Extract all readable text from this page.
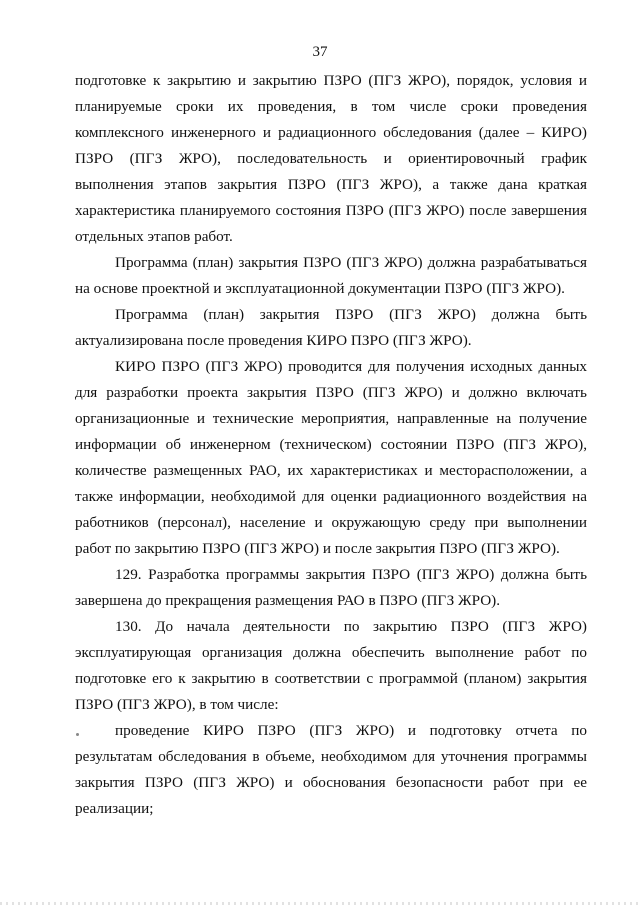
37

подготовке к закрытию и закрытию ПЗРО (ПГЗ ЖРО), порядок, условия и планируемые сроки их проведения, в том числе сроки проведения комплексного инженерного и радиационного обследования (далее – КИРО) ПЗРО (ПГЗ ЖРО), последовательность и ориентировочный график выполнения этапов закрытия ПЗРО (ПГЗ ЖРО), а также дана краткая характеристика планируемого состояния ПЗРО (ПГЗ ЖРО) после завершения отдельных этапов работ.

Программа (план) закрытия ПЗРО (ПГЗ ЖРО) должна разрабатываться на основе проектной и эксплуатационной документации ПЗРО (ПГЗ ЖРО).

Программа (план) закрытия ПЗРО (ПГЗ ЖРО) должна быть актуализирована после проведения КИРО ПЗРО (ПГЗ ЖРО).

КИРО ПЗРО (ПГЗ ЖРО) проводится для получения исходных данных для разработки проекта закрытия ПЗРО (ПГЗ ЖРО) и должно включать организационные и технические мероприятия, направленные на получение информации об инженерном (техническом) состоянии ПЗРО (ПГЗ ЖРО), количестве размещенных РАО, их характеристиках и месторасположении, а также информации, необходимой для оценки радиационного воздействия на работников (персонал), население и окружающую среду при выполнении работ по закрытию ПЗРО (ПГЗ ЖРО) и после закрытия ПЗРО (ПГЗ ЖРО).

129. Разработка программы закрытия ПЗРО (ПГЗ ЖРО) должна быть завершена до прекращения размещения РАО в ПЗРО (ПГЗ ЖРО).

130. До начала деятельности по закрытию ПЗРО (ПГЗ ЖРО) эксплуатирующая организация должна обеспечить выполнение работ по подготовке его к закрытию в соответствии с программой (планом) закрытия ПЗРО (ПГЗ ЖРО), в том числе:

проведение КИРО ПЗРО (ПГЗ ЖРО) и подготовку отчета по результатам обследования в объеме, необходимом для уточнения программы закрытия ПЗРО (ПГЗ ЖРО) и обоснования безопасности работ при ее реализации;
